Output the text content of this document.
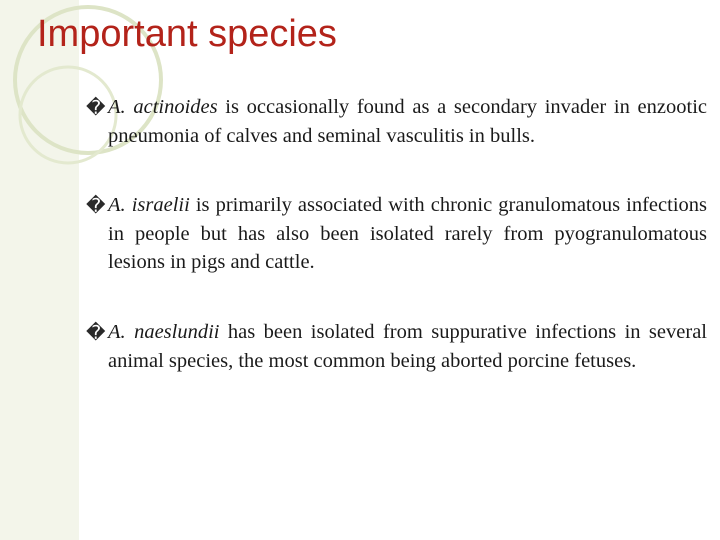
Important species
� A. actinoides is occasionally found as a secondary invader in enzootic pneumonia of calves and seminal vasculitis in bulls.
� A. israelii is primarily associated with chronic granulomatous infections in people but has also been isolated rarely from pyogranulomatous lesions in pigs and cattle.
� A. naeslundii has been isolated from suppurative infections in several animal species, the most common being aborted porcine fetuses.
